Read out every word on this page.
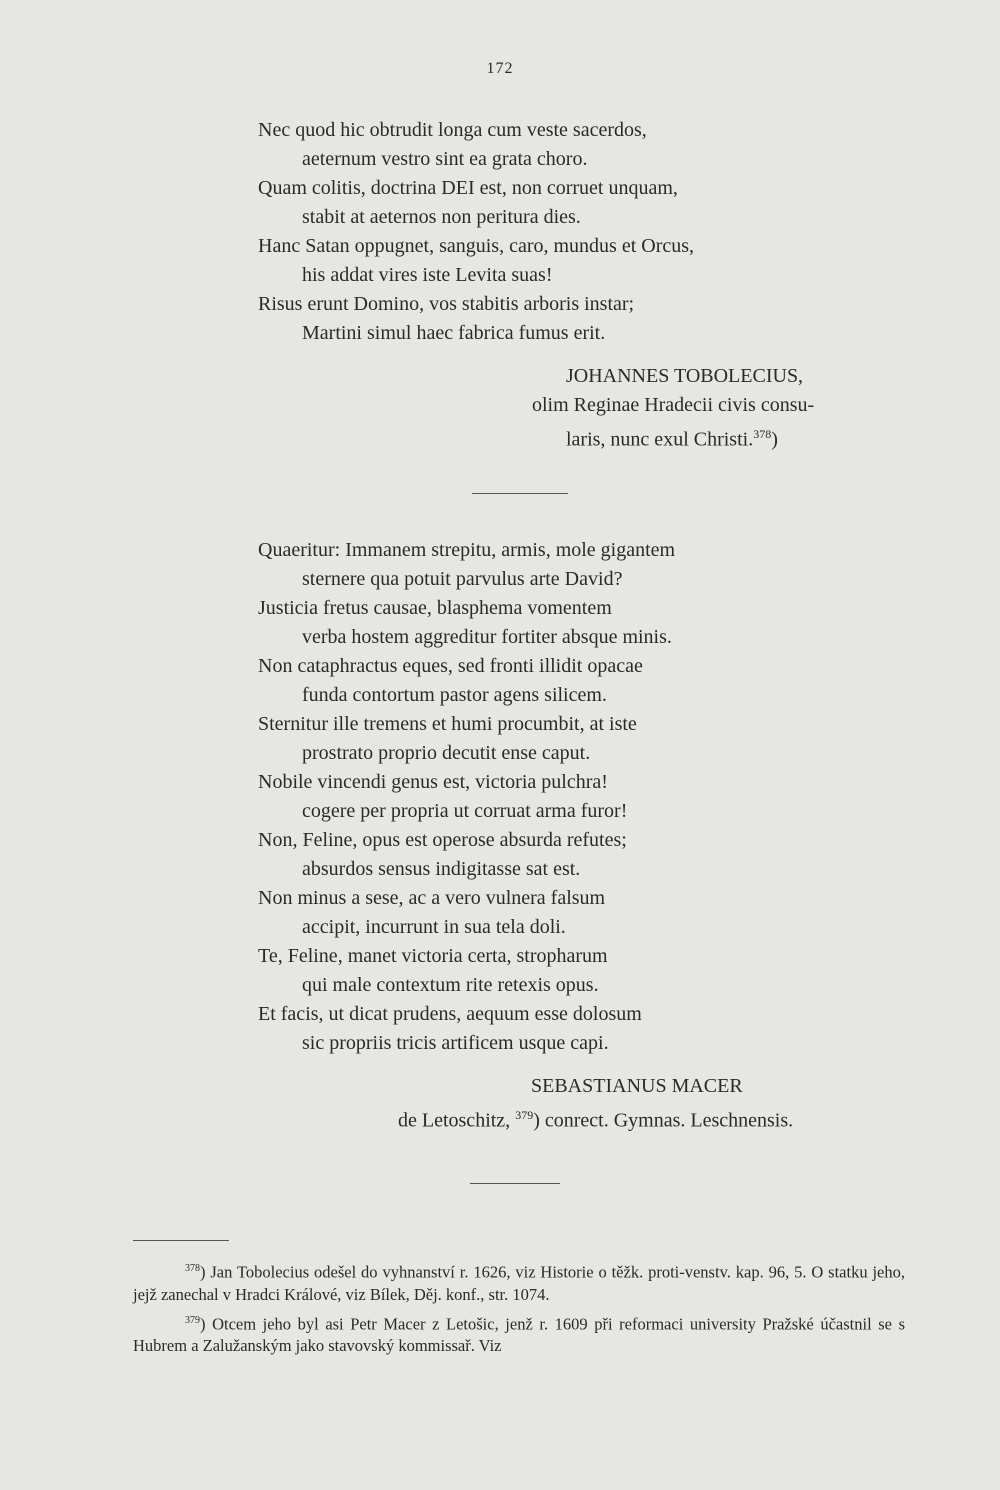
172
Nec quod hic obtrudit longa cum veste sacerdos,
aeternum vestro sint ea grata choro.
Quam colitis, doctrina DEI est, non corruet unquam,
stabit at aeternos non peritura dies.
Hanc Satan oppugnet, sanguis, caro, mundus et Orcus,
his addat vires iste Levita suas!
Risus erunt Domino, vos stabitis arboris instar;
Martini simul haec fabrica fumus erit.
JOHANNES TOBOLECIUS,
olim Reginae Hradecii civis consu-
laris, nunc exul Christi.$^{378}$)
Quaeritur: Immanem strepitu, armis, mole gigantem
sternere qua potuit parvulus arte David?
Justicia fretus causae, blasphema vomentem
verba hostem aggreditur fortiter absque minis.
Non cataphractus eques, sed fronti illidit opacae
funda contortum pastor agens silicem.
Sternitur ille tremens et humi procumbit, at iste
prostrato proprio decutit ense caput.
Nobile vincendi genus est, victoria pulchra!
cogere per propria ut corruat arma furor!
Non, Feline, opus est operose absurda refutes;
absurdos sensus indigitasse sat est.
Non minus a sese, ac a vero vulnera falsum
accipit, incurrunt in sua tela doli.
Te, Feline, manet victoria certa, stropharum
qui male contextum rite retexis opus.
Et facis, ut dicat prudens, aequum esse dolosum
sic propriis tricis artificem usque capi.
SEBASTIANUS MACER
de Letoschitz, $^{379}$) conrect. Gymnas. Leschnensis.

$^{378}$) Jan Tobolecius odešel do vyhnanství r. 1626, viz Historie o těžk. proti-venstv. kap. 96, 5. O statku jeho, jejž zanechal v Hradci Králové, viz Bílek, Děj. konf., str. 1074.

$^{379}$) Otcem jeho byl asi Petr Macer z Letošic, jenž r. 1609 při reformaci university Pražské účastnil se s Hubrem a Zalužanským jako stavovský kommissař. Viz
